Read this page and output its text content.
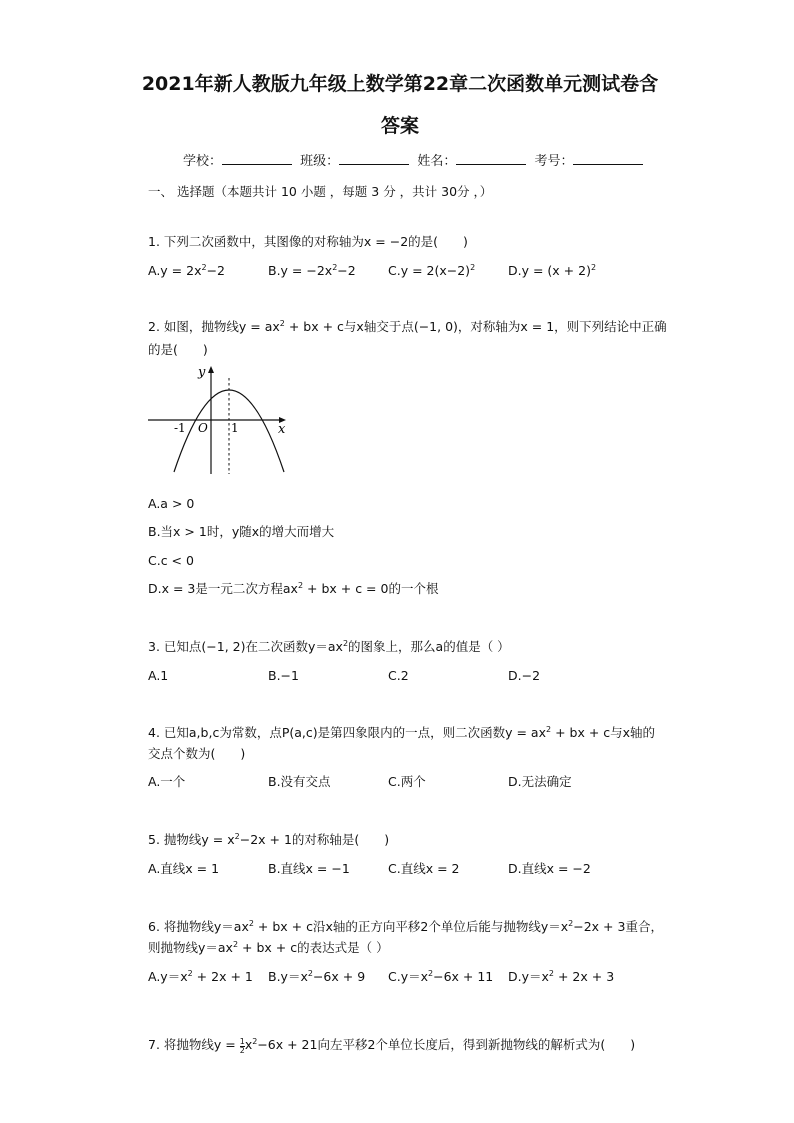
2021年新人教版九年级上数学第22章二次函数单元测试卷含
答案
学校：	班级：	姓名：	考号：
一、 选择题（本题共计 10 小题 ，每题 3 分 ，共计 30分 ，）
1. 下列二次函数中，其图像的对称轴为x = −2的是(　　)
$A.y = 2x^2-2$	$B.y = -2x^2-2$	$C.y = 2(x-2)^2$	$D.y = (x + 2)^2$
2. 如图，抛物线$y = ax^2$ + bx + c与x轴交于点(−1, 0)，对称轴为x = 1，则下列结论中正确
的是(　　)
y
x
-1 O 1
A.a > 0
B.当x > 1时，y随x的增大而增大
C.c < 0
D.x = 3是一元二次方程$ax^2$ + bx + c = 0的一个根
3. 已知点(−1, 2)在二次函数$y=ax^2$的图象上，那么a的值是（ ）
A.1	B.−1	C.2	D.−2
4. 已知a,b,c为常数，点P(a,c)是第四象限内的一点，则二次函数$y = ax^2$ + bx + c与x轴的
交点个数为(　　)
A.一个	B.没有交点	C.两个	D.无法确定
5. 抛物线$y = x^2-2x + 1$的对称轴是(　　)
A.直线x = 1	B.直线x = −1	C.直线x = 2	D.直线x = −2
6. 将抛物线$y=ax^2$ + bx + c沿x轴的正方向平移2个单位后能与抛物线$y=x^2-2x + 3$重合，
则抛物线$y=ax^2$ + bx + c的表达式是（ ）
$A.y=x^2 + 2x + 1$ $B.y=x^2-6x + 9$ $C.y=x^2-6x + 11$ $D.y=x^2 + 2x + 3$
7. 将抛物线$y = \frac{1}{2} x^2-6x + 21$向左平移2个单位长度后，得到新抛物线的解析式为(　　)
